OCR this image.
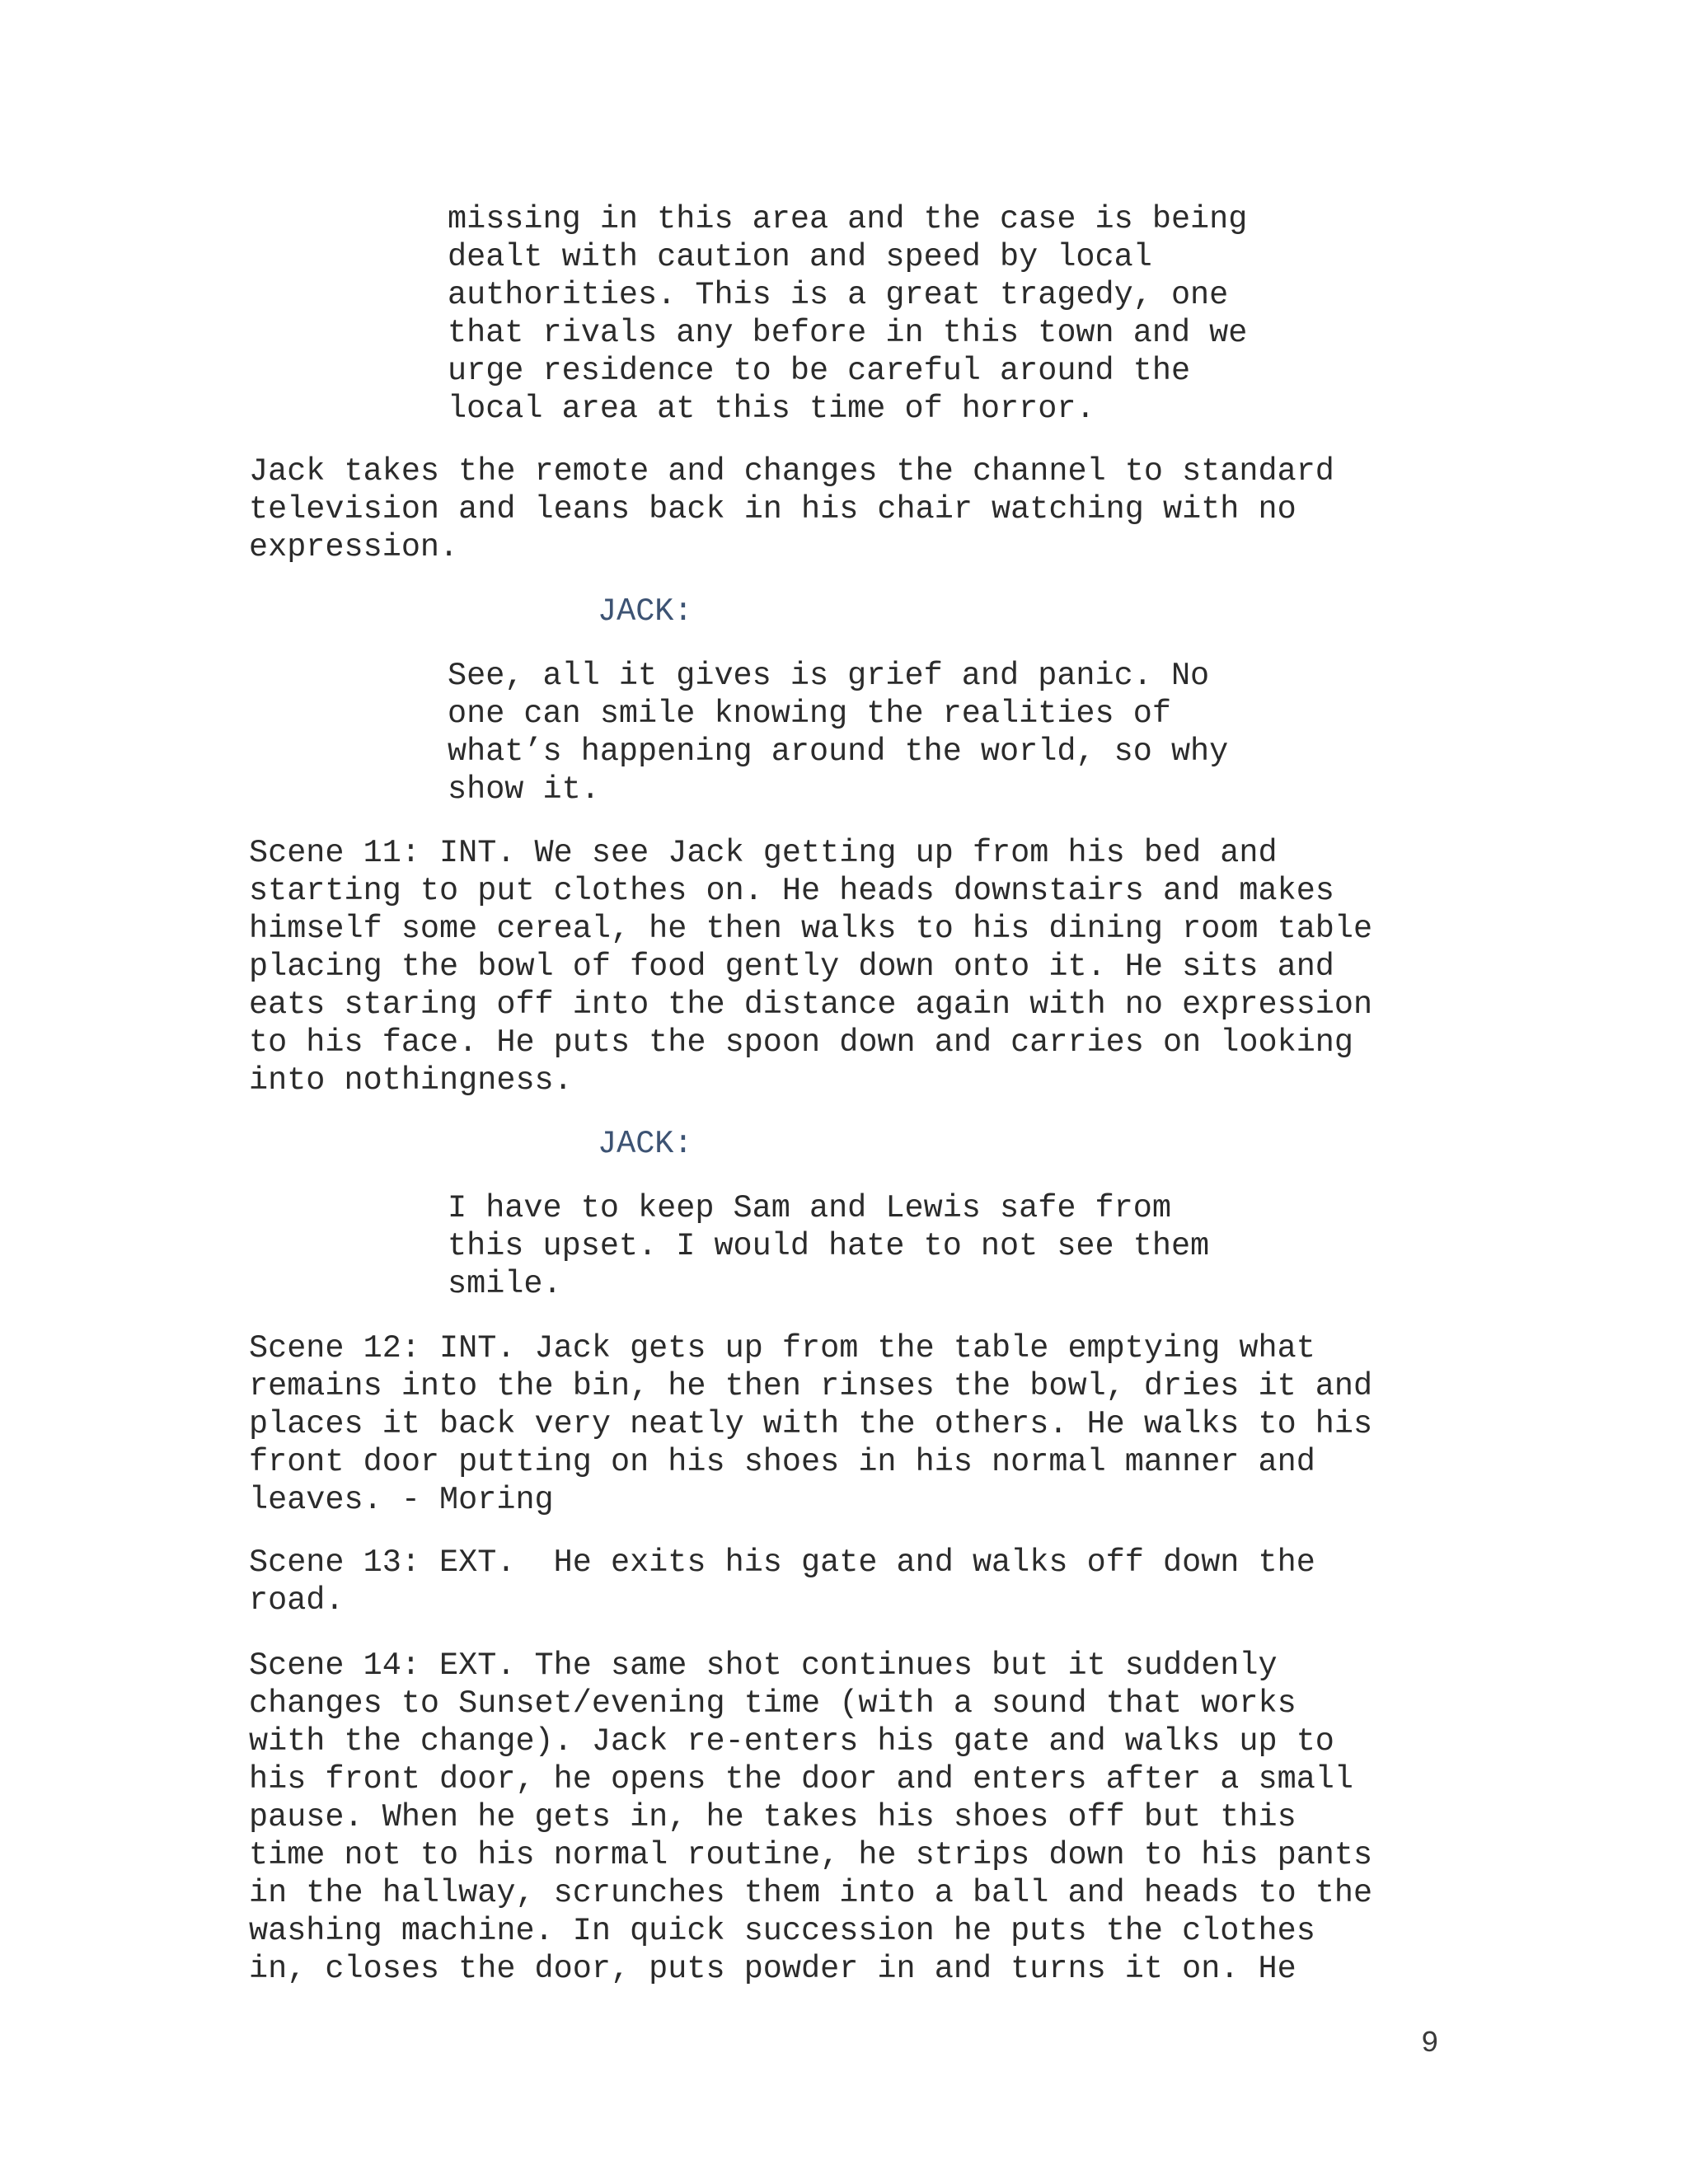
missing in this area and the case is being
dealt with caution and speed by local
authorities. This is a great tragedy, one
that rivals any before in this town and we
urge residence to be careful around the
local area at this time of horror.
Jack takes the remote and changes the channel to standard
television and leans back in his chair watching with no
expression.
JACK:
See, all it gives is grief and panic. No
one can smile knowing the realities of
what’s happening around the world, so why
show it.
Scene 11: INT. We see Jack getting up from his bed and
starting to put clothes on. He heads downstairs and makes
himself some cereal, he then walks to his dining room table
placing the bowl of food gently down onto it. He sits and
eats staring off into the distance again with no expression
to his face. He puts the spoon down and carries on looking
into nothingness.
JACK:
I have to keep Sam and Lewis safe from
this upset. I would hate to not see them
smile.
Scene 12: INT. Jack gets up from the table emptying what
remains into the bin, he then rinses the bowl, dries it and
places it back very neatly with the others. He walks to his
front door putting on his shoes in his normal manner and
leaves. - Moring
Scene 13: EXT.  He exits his gate and walks off down the
road.
Scene 14: EXT. The same shot continues but it suddenly
changes to Sunset/evening time (with a sound that works
with the change). Jack re-enters his gate and walks up to
his front door, he opens the door and enters after a small
pause. When he gets in, he takes his shoes off but this
time not to his normal routine, he strips down to his pants
in the hallway, scrunches them into a ball and heads to the
washing machine. In quick succession he puts the clothes
in, closes the door, puts powder in and turns it on. He
9
